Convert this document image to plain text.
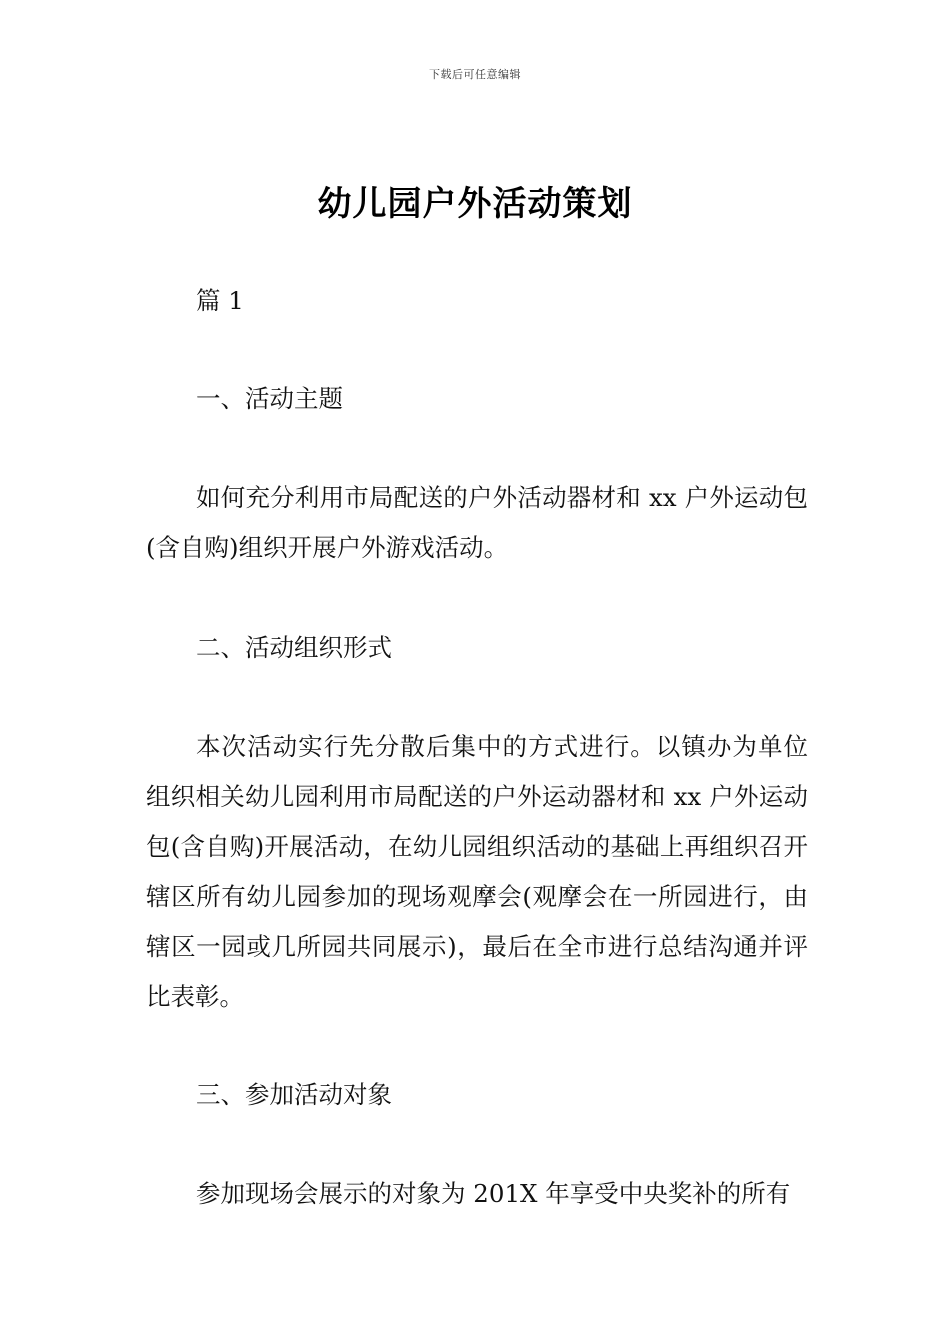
下载后可任意编辑
幼儿园户外活动策划
篇 1
一、活动主题
如何充分利用市局配送的户外活动器材和 xx 户外运动包(含自购)组织开展户外游戏活动。
二、活动组织形式
本次活动实行先分散后集中的方式进行。以镇办为单位组织相关幼儿园利用市局配送的户外运动器材和 xx 户外运动包(含自购)开展活动，在幼儿园组织活动的基础上再组织召开辖区所有幼儿园参加的现场观摩会(观摩会在一所园进行，由辖区一园或几所园共同展示)，最后在全市进行总结沟通并评比表彰。
三、参加活动对象
参加现场会展示的对象为 201X 年享受中央奖补的所有
